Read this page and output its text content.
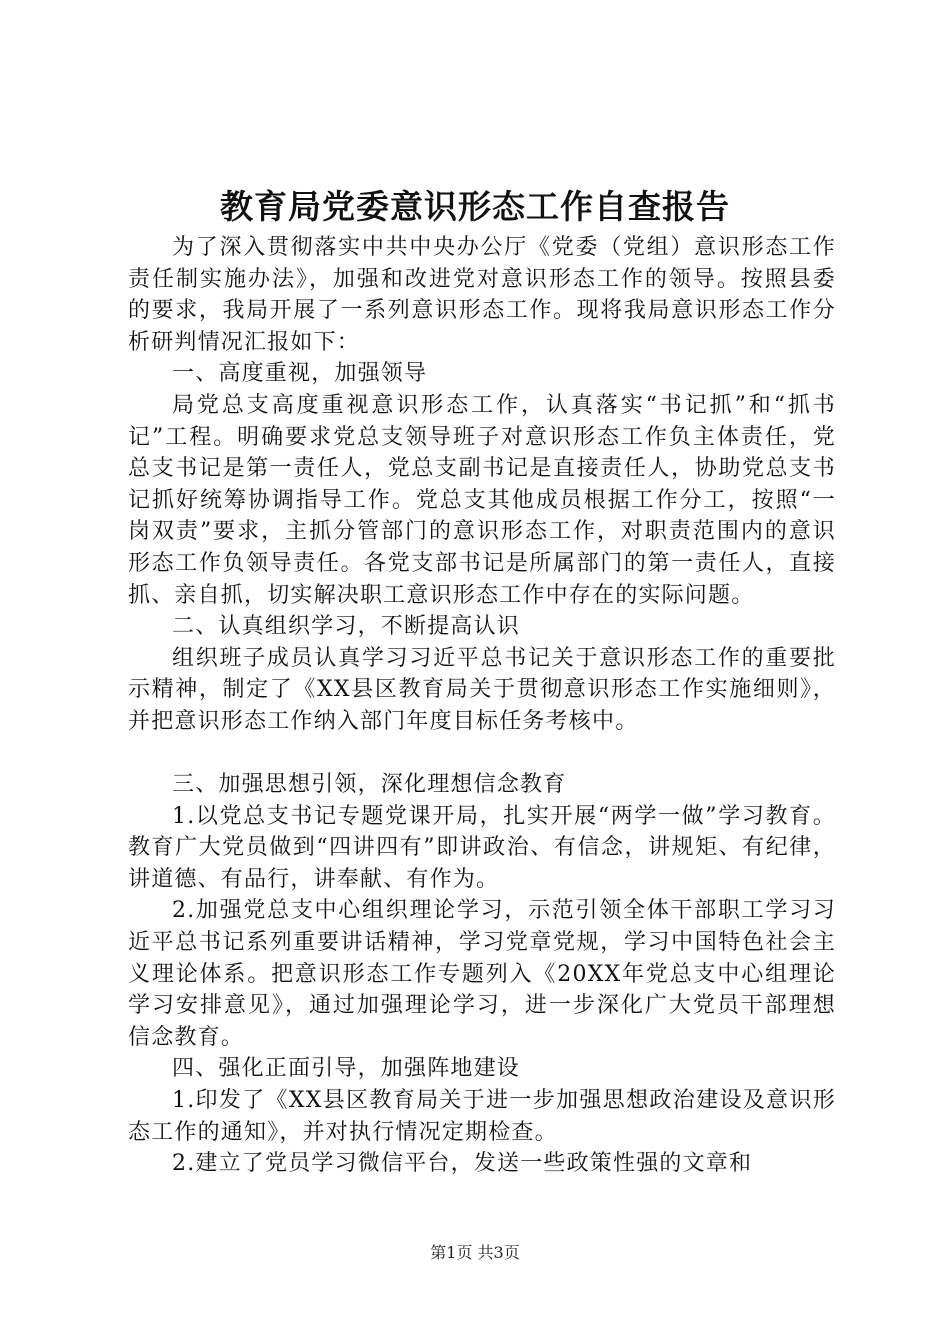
教育局党委意识形态工作自查报告

为了深入贯彻落实中共中央办公厅《党委（党组）意识形态工作责任制实施办法》，加强和改进党对意识形态工作的领导。按照县委的要求，我局开展了一系列意识形态工作。现将我局意识形态工作分析研判情况汇报如下：

一、高度重视，加强领导

局党总支高度重视意识形态工作，认真落实“书记抓”和“抓书记”工程。明确要求党总支领导班子对意识形态工作负主体责任，党总支书记是第一责任人，党总支副书记是直接责任人，协助党总支书记抓好统筹协调指导工作。党总支其他成员根据工作分工，按照“一岗双责”要求，主抓分管部门的意识形态工作，对职责范围内的意识形态工作负领导责任。各党支部书记是所属部门的第一责任人，直接抓、亲自抓，切实解决职工意识形态工作中存在的实际问题。

二、认真组织学习，不断提高认识

组织班子成员认真学习习近平总书记关于意识形态工作的重要批示精神，制定了《XX县区教育局关于贯彻意识形态工作实施细则》，并把意识形态工作纳入部门年度目标任务考核中。

三、加强思想引领，深化理想信念教育

1.以党总支书记专题党课开局，扎实开展“两学一做”学习教育。教育广大党员做到“四讲四有”即讲政治、有信念，讲规矩、有纪律，讲道德、有品行，讲奉献、有作为。

2.加强党总支中心组织理论学习，示范引领全体干部职工学习习近平总书记系列重要讲话精神，学习党章党规，学习中国特色社会主义理论体系。把意识形态工作专题列入《20XX年党总支中心组理论学习安排意见》，通过加强理论学习，进一步深化广大党员干部理想信念教育。

四、强化正面引导，加强阵地建设

1.印发了《XX县区教育局关于进一步加强思想政治建设及意识形态工作的通知》，并对执行情况定期检查。

2.建立了党员学习微信平台，发送一些政策性强的文章和

第1页 共3页
